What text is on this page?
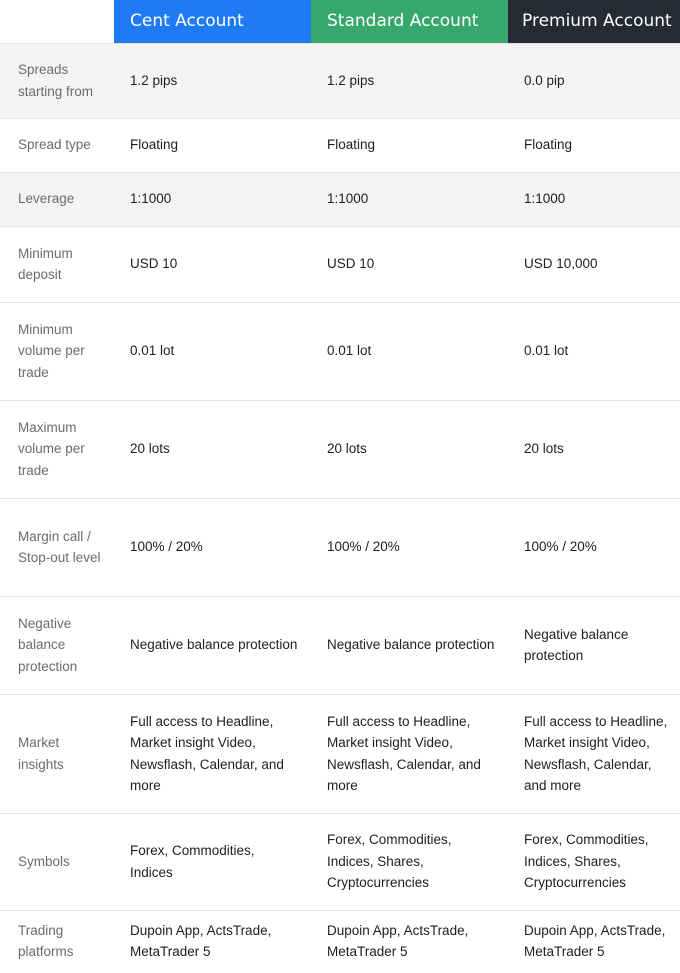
	Cent Account	Standard Account	Premium Account
Spreads starting from	1.2 pips	1.2 pips	0.0 pip
Spread type	Floating	Floating	Floating
Leverage	1:1000	1:1000	1:1000
Minimum deposit	USD 10	USD 10	USD 10,000
Minimum volume per trade	0.01 lot	0.01 lot	0.01 lot
Maximum volume per trade	20 lots	20 lots	20 lots
Margin call / Stop-out level	100% / 20%	100% / 20%	100% / 20%
Negative balance protection	Negative balance protection	Negative balance protection	Negative balance protection
Market insights	Full access to Headline, Market insight Video, Newsflash, Calendar, and more	Full access to Headline, Market insight Video, Newsflash, Calendar, and more	Full access to Headline, Market insight Video, Newsflash, Calendar, and more
Symbols	Forex, Commodities, Indices	Forex, Commodities, Indices, Shares, Cryptocurrencies	Forex, Commodities, Indices, Shares, Cryptocurrencies
Trading platforms	Dupoin App, ActsTrade, MetaTrader 5	Dupoin App, ActsTrade, MetaTrader 5	Dupoin App, ActsTrade, MetaTrader 5
